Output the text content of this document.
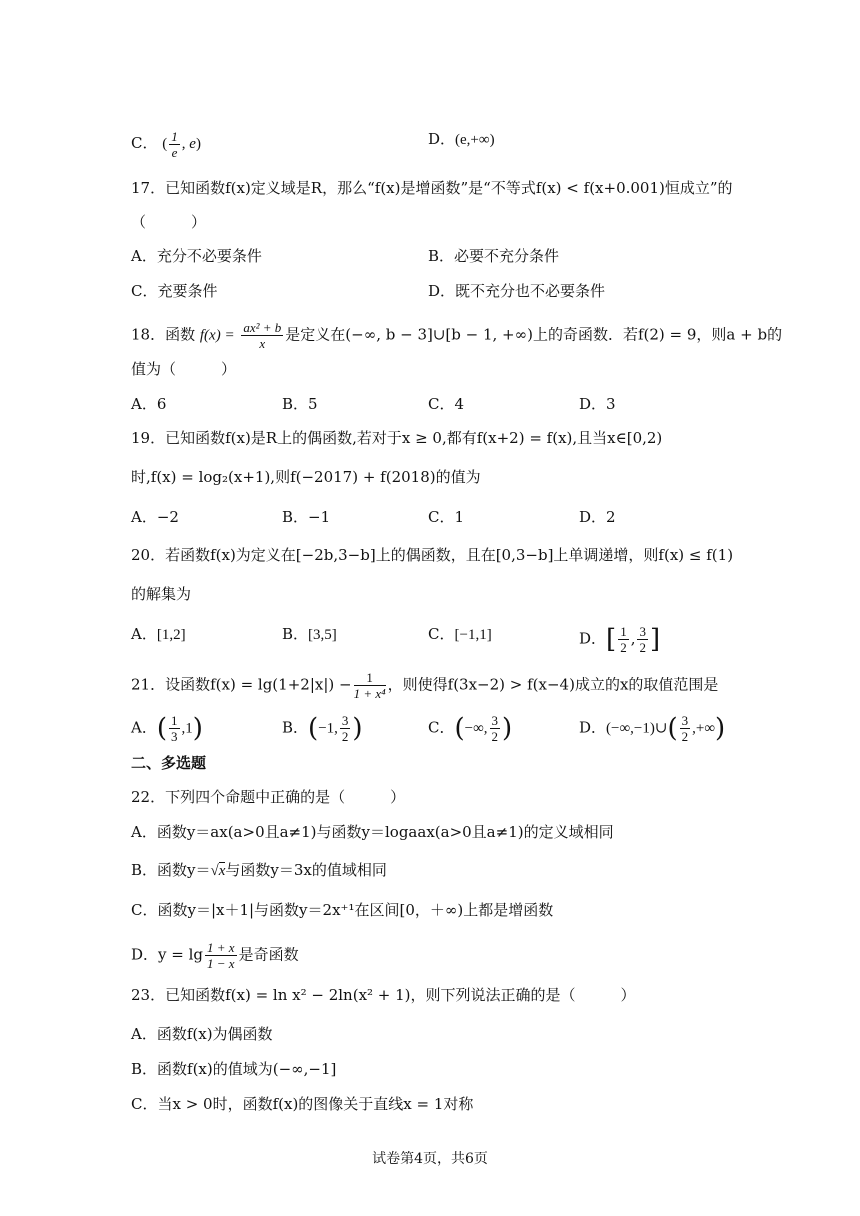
C． ( $\frac{1}{e}$ , e)	D．(e,+∞)
17．已知函数f(x)定义域是R，那么“f(x)是增函数”是“不等式f(x) < f(x+0.001)恒成立”的
（　　　）
A．充分不必要条件	B．必要不充分条件
C．充要条件	D．既不充分也不必要条件
18．函数 $f(x) = \frac{\text{ax² + b}}{x}$ 是定义在(−∞, b − 3]∪[b − 1, +∞)上的奇函数．若f(2) = 9，则a + b的
值为（　　　）
A．6	B．5	C．4	D．3
19．已知函数f(x)是R上的偶函数,若对于x ≥ 0,都有f(x+2) = f(x),且当x∈[0,2)
时,f(x) = log₂(x+1),则f(−2017) + f(2018)的值为
A．−2	B．−1	C．1	D．2
20．若函数f(x)为定义在[−2b,3−b]上的偶函数，且在[0,3−b]上单调递增，则f(x) ≤ f(1)
的解集为
A．[1,2]	B．[3,5]	C．[−1,1]	D．[ $\frac{1}{2}$ , $\frac{3}{2}$ ]
21．设函数$f(x) = \lg(1+2|x|) - \frac{1}{\text{1 + x⁴}}$ ，则使得f(3x−2) > f(x−4)成立的x的取值范围是
A．( $\frac{1}{3} ,1$)	B．(−1, $\frac{3}{2}$ )	C．(−∞, $\frac{3}{2}$ )	D．(−∞,−1)∪( $\frac{3}{2}$ ,+∞)
二、多选题
22．下列四个命题中正确的是（　　　）
A．函数y＝ax(a>0且a≠1)与函数y＝logaax(a>0且a≠1)的定义域相同
B．函数y＝√x与函数y＝3x的值域相同
C．函数y＝|x＋1|与函数y＝2x⁺¹在区间[0，＋∞)上都是增函数
D．$y = \lg \frac{1 + x}{1 - x}$ 是奇函数
23．已知函数f(x) = ln x² − 2ln(x² + 1)，则下列说法正确的是（　　　）
A．函数f(x)为偶函数
B．函数f(x)的值域为(−∞,−1]
C．当x > 0时，函数f(x)的图像关于直线x = 1对称
试卷第4页，共6页
